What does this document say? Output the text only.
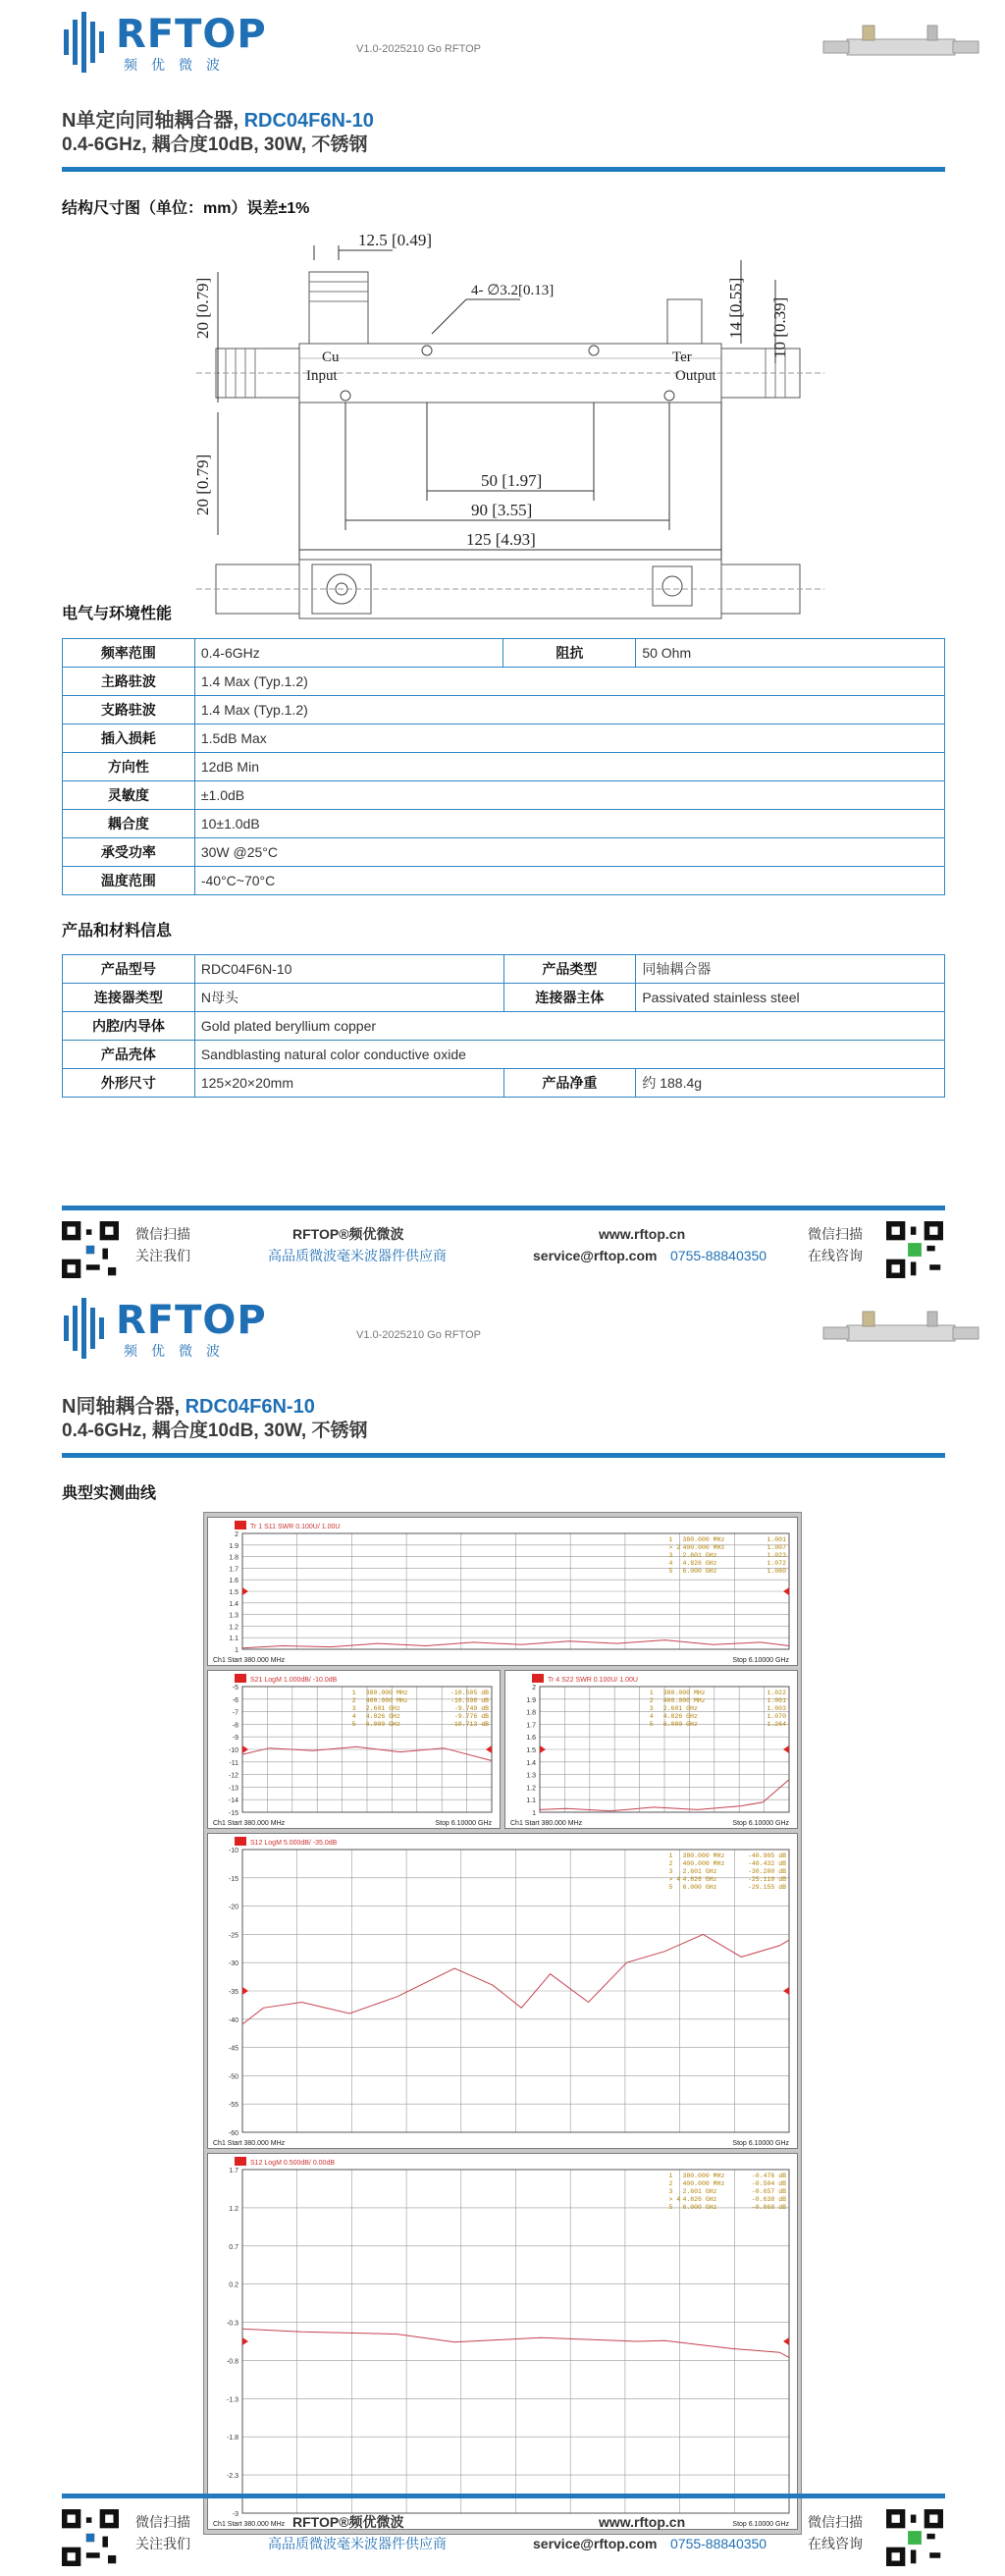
RFTOP
频优微波
V1.0-2025210 Go RFTOP
N单定向同轴耦合器, RDC04F6N-10
0.4-6GHz, 耦合度10dB, 30W, 不锈钢
结构尺寸图（单位：mm）误差±1%
12.5 [0.49]
4- ∅3.2[0.13]
Cu	Ter
Input	Output
50 [1.97]
90 [3.55]
125 [4.93]
20 [0.79]	14 [0.55] 10 [0.39]
20 [0.79]
电气与环境性能
频率范围	0.4-6GHz	阻抗	50 Ohm
主路驻波	1.4 Max (Typ.1.2)		
支路驻波	1.4 Max (Typ.1.2)		
插入损耗	1.5dB Max		
方向性	12dB Min		
灵敏度	±1.0dB		
耦合度	10±1.0dB		
承受功率	30W @25°C		
温度范围	-40°C~70°C		
产品和材料信息
产品型号	RDC04F6N-10	产品类型	同轴耦合器
连接器类型	N母头	连接器主体	Passivated stainless steel
内腔/内导体	Gold plated beryllium copper		
产品壳体	Sandblasting natural color conductive oxide		
外形尺寸	125×20×20mm	产品净重	约 188.4g
微信扫描
关注我们
RFTOP®频优微波
高品质微波毫米波器件供应商
www.rftop.cn
service@rftop.com 0755-88840350
微信扫描
在线咨询
RFTOP
频优微波
V1.0-2025210 Go RFTOP
N同轴耦合器, RDC04F6N-10
0.4-6GHz, 耦合度10dB, 30W, 不锈钢
典型实测曲线
Tr 1 S11 SWR 0.100U/ 1.00U
2
1.9
1.8
1.7
1.6
1.5
1.4
1.3
1.2
1.1
1
1 380.000 MHz	1.001
> 2 400.000 MHz	1.007
3 2.601 GHz	1.023
4 4.826 GHz	1.072
5 6.000 GHz	1.080
Ch1 Start 380.000 MHz	Stop 6.10000 GHz
S21 LogM 1.000dB/ -10.0dB
-5
-6
-7
-8
-9
-10
-11
-12
-13
-14
-15
1 380.000 MHz	-10.505 dB
2 400.000 MHz	-10.598 dB
3 2.601 GHz	-9.749 dB
4 4.826 GHz	-9.776 dB
5 6.000 GHz	-10.713 dB
Ch1 Start 380.000 MHz	Stop 6.10000 GHz
Tr 4 S22 SWR 0.100U/ 1.00U
2
1.9
1.8
1.7
1.6
1.5
1.4
1.3
1.2
1.1
1
1 380.000 MHz	1.022
2 400.000 MHz	1.001
3 2.601 GHz	1.003
4 4.826 GHz	1.070
5 6.000 GHz	1.264
Ch1 Start 380.000 MHz	Stop 6.10000 GHz
S12 LogM 5.000dB/ -35.0dB
-10
-15
-20
-25
-30
-35
-40
-45
-50
-55
-60
1 380.000 MHz	-40.905 dB
2 400.000 MHz	-40.432 dB
3 2.601 GHz	-30.200 dB
> 4 4.826 GHz	-25.110 dB
5 6.000 GHz	-29.155 dB
Ch1 Start 380.000 MHz	Stop 6.10000 GHz
S12 LogM 0.500dB/ 0.00dB
1.7
1.2
0.7
0.2
-0.3
-0.8
-1.3
-1.8
-2.3
-3
1 380.000 MHz	-0.476 dB
2 400.000 MHz	-0.504 dB
3 2.601 GHz	-0.657 dB
> 4 4.826 GHz	-0.638 dB
5 6.000 GHz	-0.868 dB
Ch1 Start 380.000 MHz	Stop 6.10000 GHz
微信扫描
关注我们
RFTOP®频优微波
高品质微波毫米波器件供应商
www.rftop.cn
service@rftop.com 0755-88840350
微信扫描
在线咨询
